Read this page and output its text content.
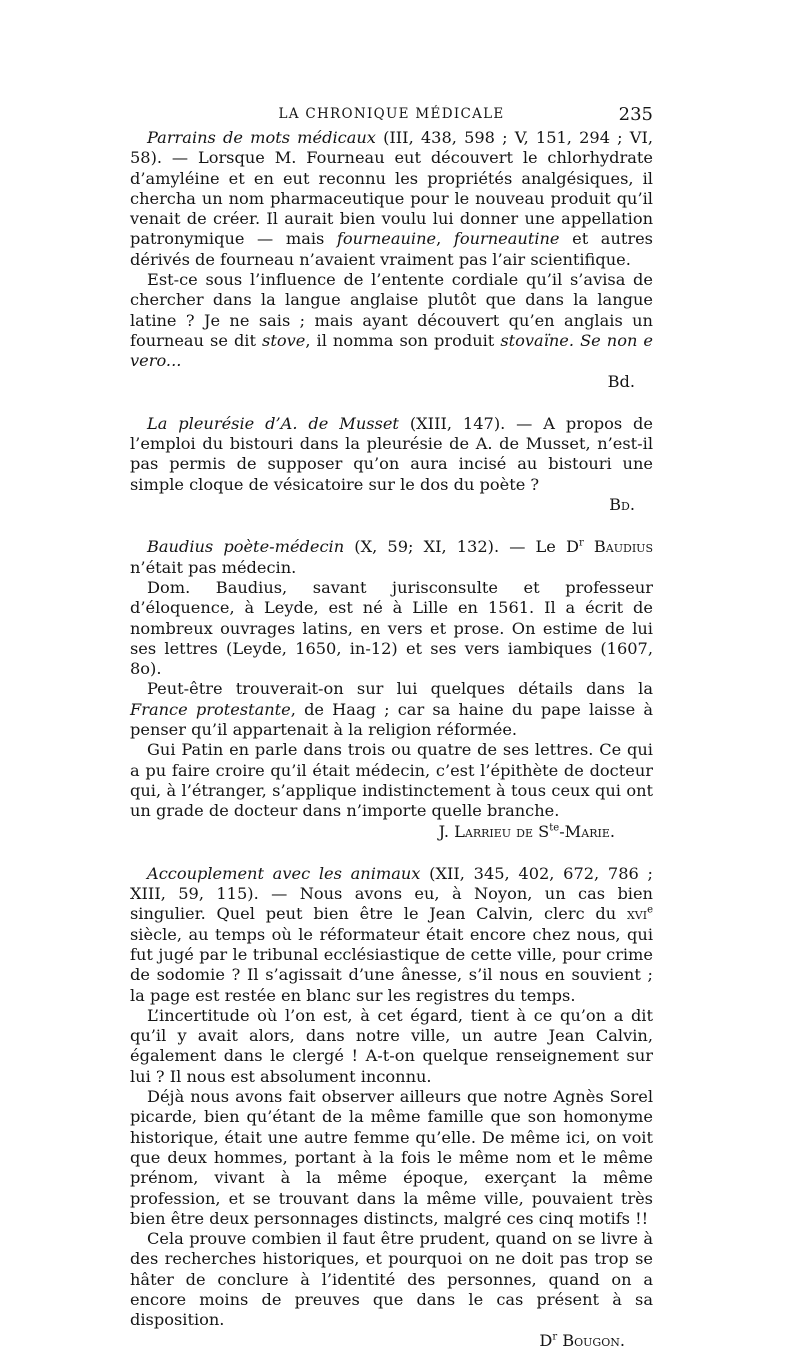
LA CHRONIQUE MÉDICALE	235

Parrains de mots médicaux (III, 438, 598 ; V, 151, 294 ; VI, 58). — Lorsque M. Fourneau eut découvert le chlorhydrate d’amyléine et en eut reconnu les propriétés analgésiques, il chercha un nom pharmaceutique pour le nouveau produit qu’il venait de créer. Il aurait bien voulu lui donner une appellation patronymique — mais fourneauine, fourneautine et autres dérivés de fourneau n’avaient vraiment pas l’air scientifique.

Est-ce sous l’influence de l’entente cordiale qu’il s’avisa de chercher dans la langue anglaise plutôt que dans la langue latine ? Je ne sais ; mais ayant découvert qu’en anglais un fourneau se dit stove, il nomma son produit stovaïne. Se non e vero...

Bd.

La pleurésie d’A. de Musset (XIII, 147). — A propos de l’emploi du bistouri dans la pleurésie de A. de Musset, n’est-il pas permis de supposer qu’on aura incisé au bistouri une simple cloque de vésicatoire sur le dos du poète ?

Bd.

Baudius poète-médecin (X, 59; XI, 132). — Le $D^r$ Baudius n’était pas médecin.

Dom. Baudius, savant jurisconsulte et professeur d’éloquence, à Leyde, est né à Lille en 1561. Il a écrit de nombreux ouvrages latins, en vers et prose. On estime de lui ses lettres (Leyde, 1650, in-12) et ses vers iambiques (1607, 8o).

Peut-être trouverait-on sur lui quelques détails dans la France protestante, de Haag ; car sa haine du pape laisse à penser qu’il appartenait à la religion réformée.

Gui Patin en parle dans trois ou quatre de ses lettres. Ce qui a pu faire croire qu’il était médecin, c’est l’épithète de docteur qui, à l’étranger, s’applique indistinctement à tous ceux qui ont un grade de docteur dans n’importe quelle branche.

J. Larrieu de $S^{te}$-Marie.

Accouplement avec les animaux (XII, 345, 402, 672, 786 ; XIII, 59, 115). — Nous avons eu, à Noyon, un cas bien singulier. Quel peut bien être le Jean Calvin, clerc du xvi$^e$ siècle, au temps où le réformateur était encore chez nous, qui fut jugé par le tribunal ecclésiastique de cette ville, pour crime de sodomie ? Il s’agissait d’une ânesse, s’il nous en souvient ; la page est restée en blanc sur les registres du temps.

L’incertitude où l’on est, à cet égard, tient à ce qu’on a dit qu’il y avait alors, dans notre ville, un autre Jean Calvin, également dans le clergé ! A-t-on quelque renseignement sur lui ? Il nous est absolument inconnu.

Déjà nous avons fait observer ailleurs que notre Agnès Sorel picarde, bien qu’étant de la même famille que son homonyme historique, était une autre femme qu’elle. De même ici, on voit que deux hommes, portant à la fois le même nom et le même prénom, vivant à la même époque, exerçant la même profession, et se trouvant dans la même ville, pouvaient très bien être deux personnages distincts, malgré ces cinq motifs !!

Cela prouve combien il faut être prudent, quand on se livre à des recherches historiques, et pourquoi on ne doit pas trop se hâter de conclure à l’identité des personnes, quand on a encore moins de preuves que dans le cas présent à sa disposition.

$D^r$ Bougon.
